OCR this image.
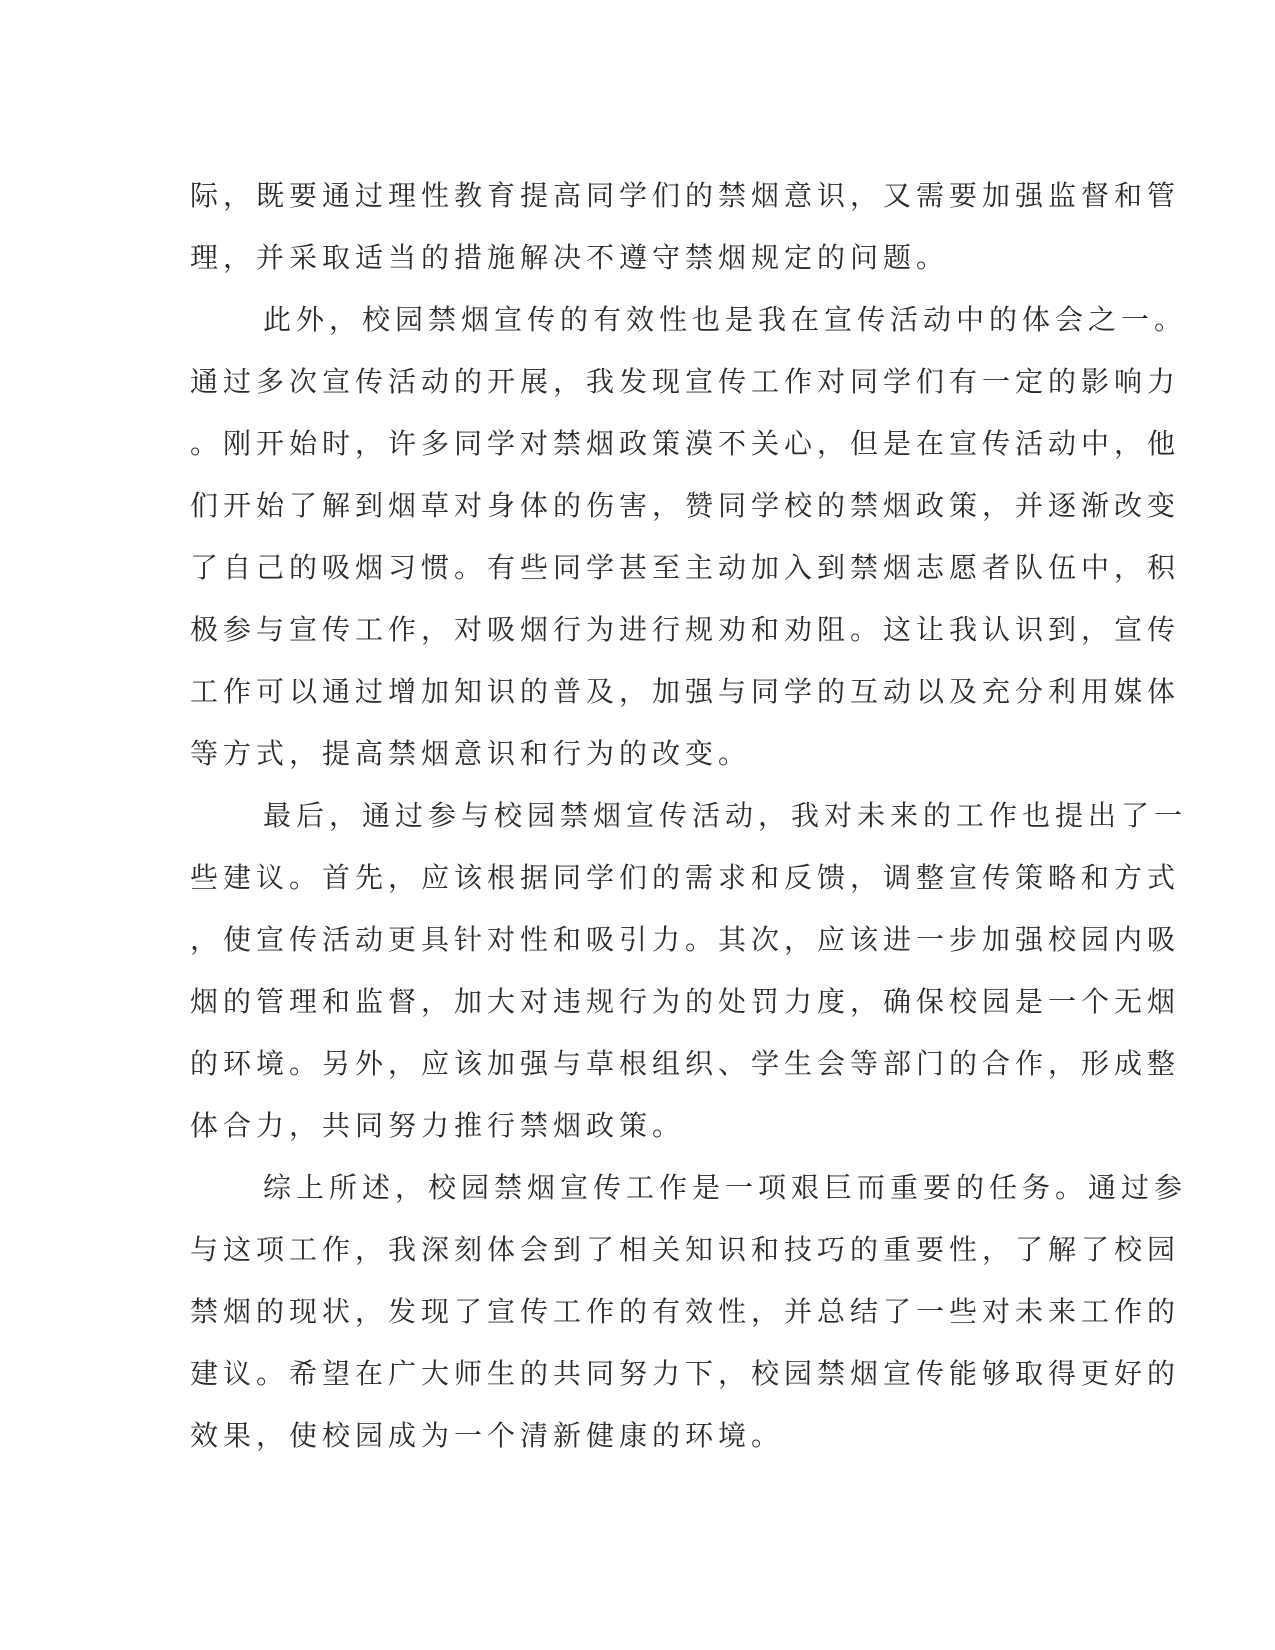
际，既要通过理性教育提高同学们的禁烟意识，又需要加强监督和管
理，并采取适当的措施解决不遵守禁烟规定的问题。
此外，校园禁烟宣传的有效性也是我在宣传活动中的体会之一。
通过多次宣传活动的开展，我发现宣传工作对同学们有一定的影响力
。刚开始时，许多同学对禁烟政策漠不关心，但是在宣传活动中，他
们开始了解到烟草对身体的伤害，赞同学校的禁烟政策，并逐渐改变
了自己的吸烟习惯。有些同学甚至主动加入到禁烟志愿者队伍中，积
极参与宣传工作，对吸烟行为进行规劝和劝阻。这让我认识到，宣传
工作可以通过增加知识的普及，加强与同学的互动以及充分利用媒体
等方式，提高禁烟意识和行为的改变。
最后，通过参与校园禁烟宣传活动，我对未来的工作也提出了一
些建议。首先，应该根据同学们的需求和反馈，调整宣传策略和方式
，使宣传活动更具针对性和吸引力。其次，应该进一步加强校园内吸
烟的管理和监督，加大对违规行为的处罚力度，确保校园是一个无烟
的环境。另外，应该加强与草根组织、学生会等部门的合作，形成整
体合力，共同努力推行禁烟政策。
综上所述，校园禁烟宣传工作是一项艰巨而重要的任务。通过参
与这项工作，我深刻体会到了相关知识和技巧的重要性，了解了校园
禁烟的现状，发现了宣传工作的有效性，并总结了一些对未来工作的
建议。希望在广大师生的共同努力下，校园禁烟宣传能够取得更好的
效果，使校园成为一个清新健康的环境。
